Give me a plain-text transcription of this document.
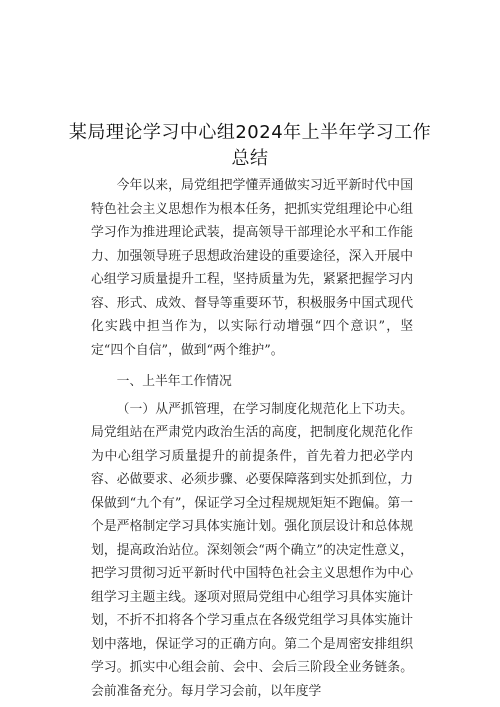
某局理论学习中心组2024年上半年学习工作总结

今年以来，局党组把学懂弄通做实习近平新时代中国特色社会主义思想作为根本任务，把抓实党组理论中心组学习作为推进理论武装，提高领导干部理论水平和工作能力、加强领导班子思想政治建设的重要途径，深入开展中心组学习质量提升工程，坚持质量为先，紧紧把握学习内容、形式、成效、督导等重要环节，积极服务中国式现代化实践中担当作为，以实际行动增强“四个意识”，坚定“四个自信”，做到“两个维护”。

一、上半年工作情况

（一）从严抓管理，在学习制度化规范化上下功夫。局党组站在严肃党内政治生活的高度，把制度化规范化作为中心组学习质量提升的前提条件，首先着力把必学内容、必做要求、必须步骤、必要保障落到实处抓到位，力保做到“九个有”，保证学习全过程规规矩矩不跑偏。第一个是严格制定学习具体实施计划。强化顶层设计和总体规划，提高政治站位。深刻领会“两个确立”的决定性意义，把学习贯彻习近平新时代中国特色社会主义思想作为中心组学习主题主线。逐项对照局党组中心组学习具体实施计划，不折不扣将各个学习重点在各级党组学习具体实施计划中落地，保证学习的正确方向。第二个是周密安排组织学习。抓实中心组会前、会中、会后三阶段全业务链条。会前准备充分。每月学习会前，以年度学
